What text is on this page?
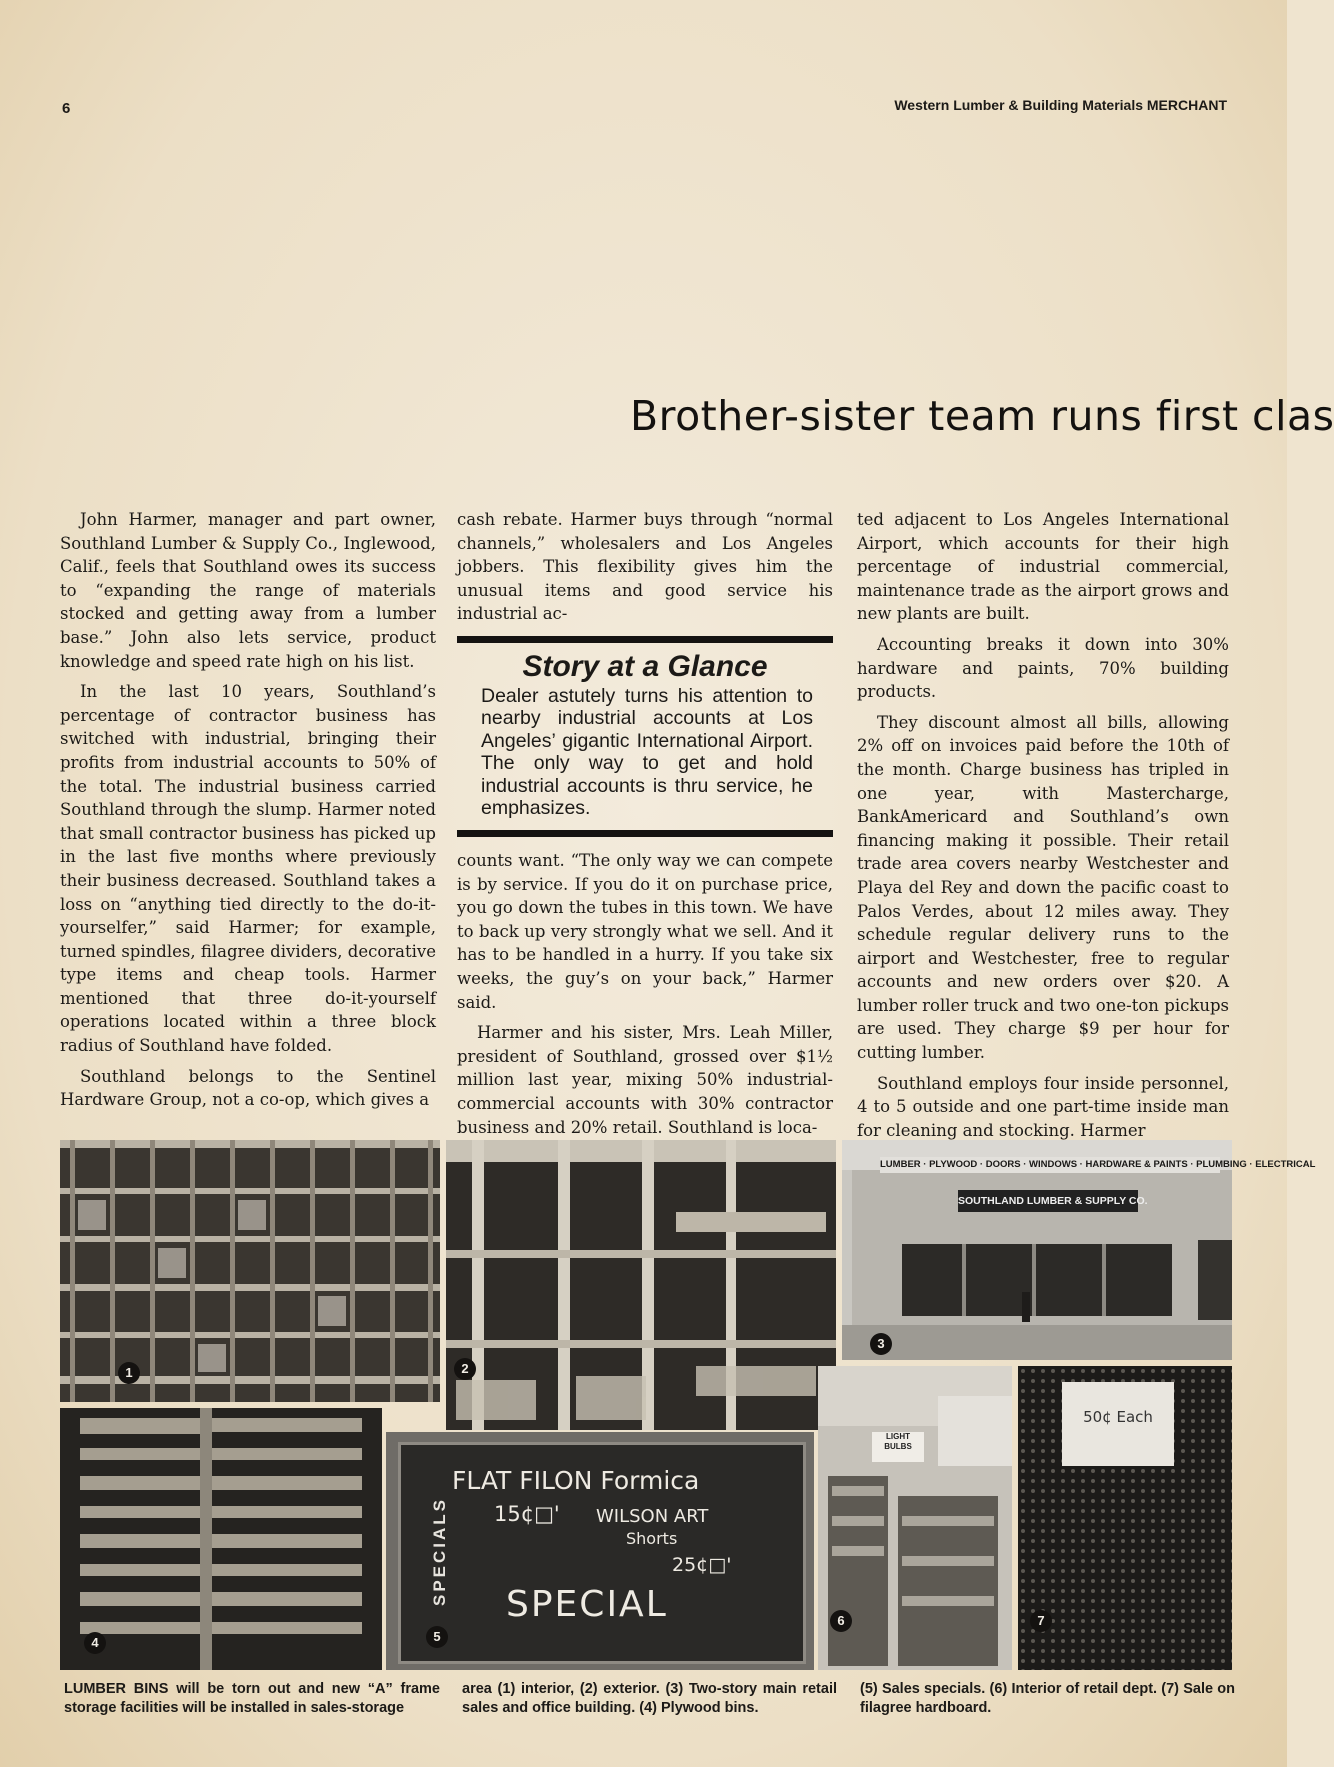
6	Western Lumber & Building Materials MERCHANT
Brother-sister team runs first clas

John Harmer, manager and part owner, Southland Lumber & Supply Co., Inglewood, Calif., feels that Southland owes its success to “expanding the range of materials stocked and getting away from a lumber base.” John also lets service, product knowledge and speed rate high on his list.

In the last 10 years, Southland’s percentage of contractor business has switched with industrial, bringing their profits from industrial accounts to 50% of the total. The industrial business carried Southland through the slump. Harmer noted that small contractor business has picked up in the last five months where previously their business decreased. Southland takes a loss on “anything tied directly to the do-it-yourselfer,” said Harmer; for example, turned spindles, filagree dividers, decorative type items and cheap tools. Harmer mentioned that three do-it-yourself operations located within a three block radius of Southland have folded.

Southland belongs to the Sentinel Hardware Group, not a co-op, which gives a

cash rebate. Harmer buys through “normal channels,” wholesalers and Los Angeles jobbers. This flexibility gives him the unusual items and good service his industrial ac-

Story at a Glance
Dealer astutely turns his attention to nearby industrial accounts at Los Angeles’ gigantic International Airport. The only way to get and hold industrial accounts is thru service, he emphasizes.

counts want. “The only way we can compete is by service. If you do it on purchase price, you go down the tubes in this town. We have to back up very strongly what we sell. And it has to be handled in a hurry. If you take six weeks, the guy’s on your back,” Harmer said.

Harmer and his sister, Mrs. Leah Miller, president of Southland, grossed over $1½ million last year, mixing 50% industrial-commercial accounts with 30% contractor business and 20% retail. Southland is loca-

ted adjacent to Los Angeles International Airport, which accounts for their high percentage of industrial commercial, maintenance trade as the airport grows and new plants are built.

Accounting breaks it down into 30% hardware and paints, 70% building products.

They discount almost all bills, allowing 2% off on invoices paid before the 10th of the month. Charge business has tripled in one year, with Mastercharge, BankAmericard and Southland’s own financing making it possible. Their retail trade area covers nearby Westchester and Playa del Rey and down the pacific coast to Palos Verdes, about 12 miles away. They schedule regular delivery runs to the airport and Westchester, free to regular accounts and new orders over $20. A lumber roller truck and two one-ton pickups are used. They charge $9 per hour for cutting lumber.

Southland employs four inside personnel, 4 to 5 outside and one part-time inside man for cleaning and stocking. Harmer

1	2
LUMBER · PLYWOOD · DOORS · WINDOWS · HARDWARE & PAINTS · PLUMBING · ELECTRICAL
SOUTHLAND LUMBER & SUPPLY CO.
3
4
SPECIALS
FLAT FILON Formica
15¢□' WILSON ART
Shorts
25¢□'
SPECIAL
5
LIGHT BULBS
6
50¢ Each
7
LUMBER BINS will be torn out and new “A” frame storage facilities will be installed in sales-storage
area (1) interior, (2) exterior. (3) Two-story main retail sales and office building. (4) Plywood bins.
(5) Sales specials. (6) Interior of retail dept. (7) Sale on filagree hardboard.
